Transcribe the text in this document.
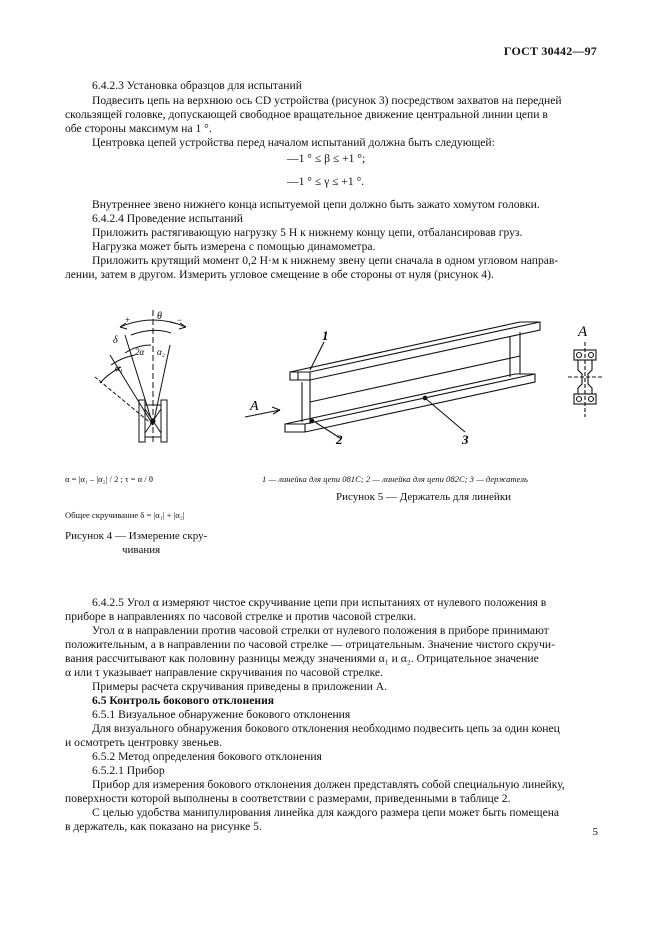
ГОСТ 30442—97
6.4.2.3 Установка образцов для испытаний
Подвесить цепь на верхнюю ось CD устройства (рисунок 3) посредством захватов на передней
скользящей головке, допускающей свободное вращательное движение центральной линии цепи в
обе стороны максимум на 1 °.
Центровка цепей устройства перед началом испытаний должна быть следующей:
—1 ° ≤ β ≤ +1 °;
—1 ° ≤ γ ≤ +1 °.
Внутреннее звено нижнего конца испытуемой цепи должно быть зажато хомутом головки.
6.4.2.4 Проведение испытаний
Приложить растягивающую нагрузку 5 Н к нижнему концу цепи, отбалансировав груз.
Нагрузка может быть измерена с помощью динамометра.
Приложить крутящий момент 0,2 Н·м к нижнему звену цепи сначала в одном угловом направ-
лении, затем в другом. Измерить угловое смещение в обе стороны от нуля (рисунок 4).
+	−
θ
δ
2α α₂
α₁
α = |α₁ – |α₂| / 2 ; τ = α / θ
Общее скручивание δ = |α₁| + |α₂|
Рисунок 4 — Измерение скру-
чивания
1
2	3
A
A
1 — линейка для цепи 081С; 2 — линейка для цепи 082С; 3 — держатель
Рисунок 5 — Держатель для линейки
6.4.2.5 Угол α измеряют чистое скручивание цепи при испытаниях от нулевого положения в
приборе в направлениях по часовой стрелке и против часовой стрелки.
Угол α в направлении против часовой стрелки от нулевого положения в приборе принимают
положительным, а в направлении по часовой стрелке — отрицательным. Значение чистого скручи-
вания рассчитывают как половину разницы между значениями α₁ и α₂. Отрицательное значение
α или τ указывает направление скручивания по часовой стрелке.
Примеры расчета скручивания приведены в приложении А.
6.5 Контроль бокового отклонения
6.5.1 Визуальное обнаружение бокового отклонения
Для визуального обнаружения бокового отклонения необходимо подвесить цепь за один конец
и осмотреть центровку звеньев.
6.5.2 Метод определения бокового отклонения
6.5.2.1 Прибор
Прибор для измерения бокового отклонения должен представлять собой специальную линейку,
поверхности которой выполнены в соответствии с размерами, приведенными в таблице 2.
С целью удобства манипулирования линейка для каждого размера цепи может быть помещена
в держатель, как показано на рисунке 5.	5
